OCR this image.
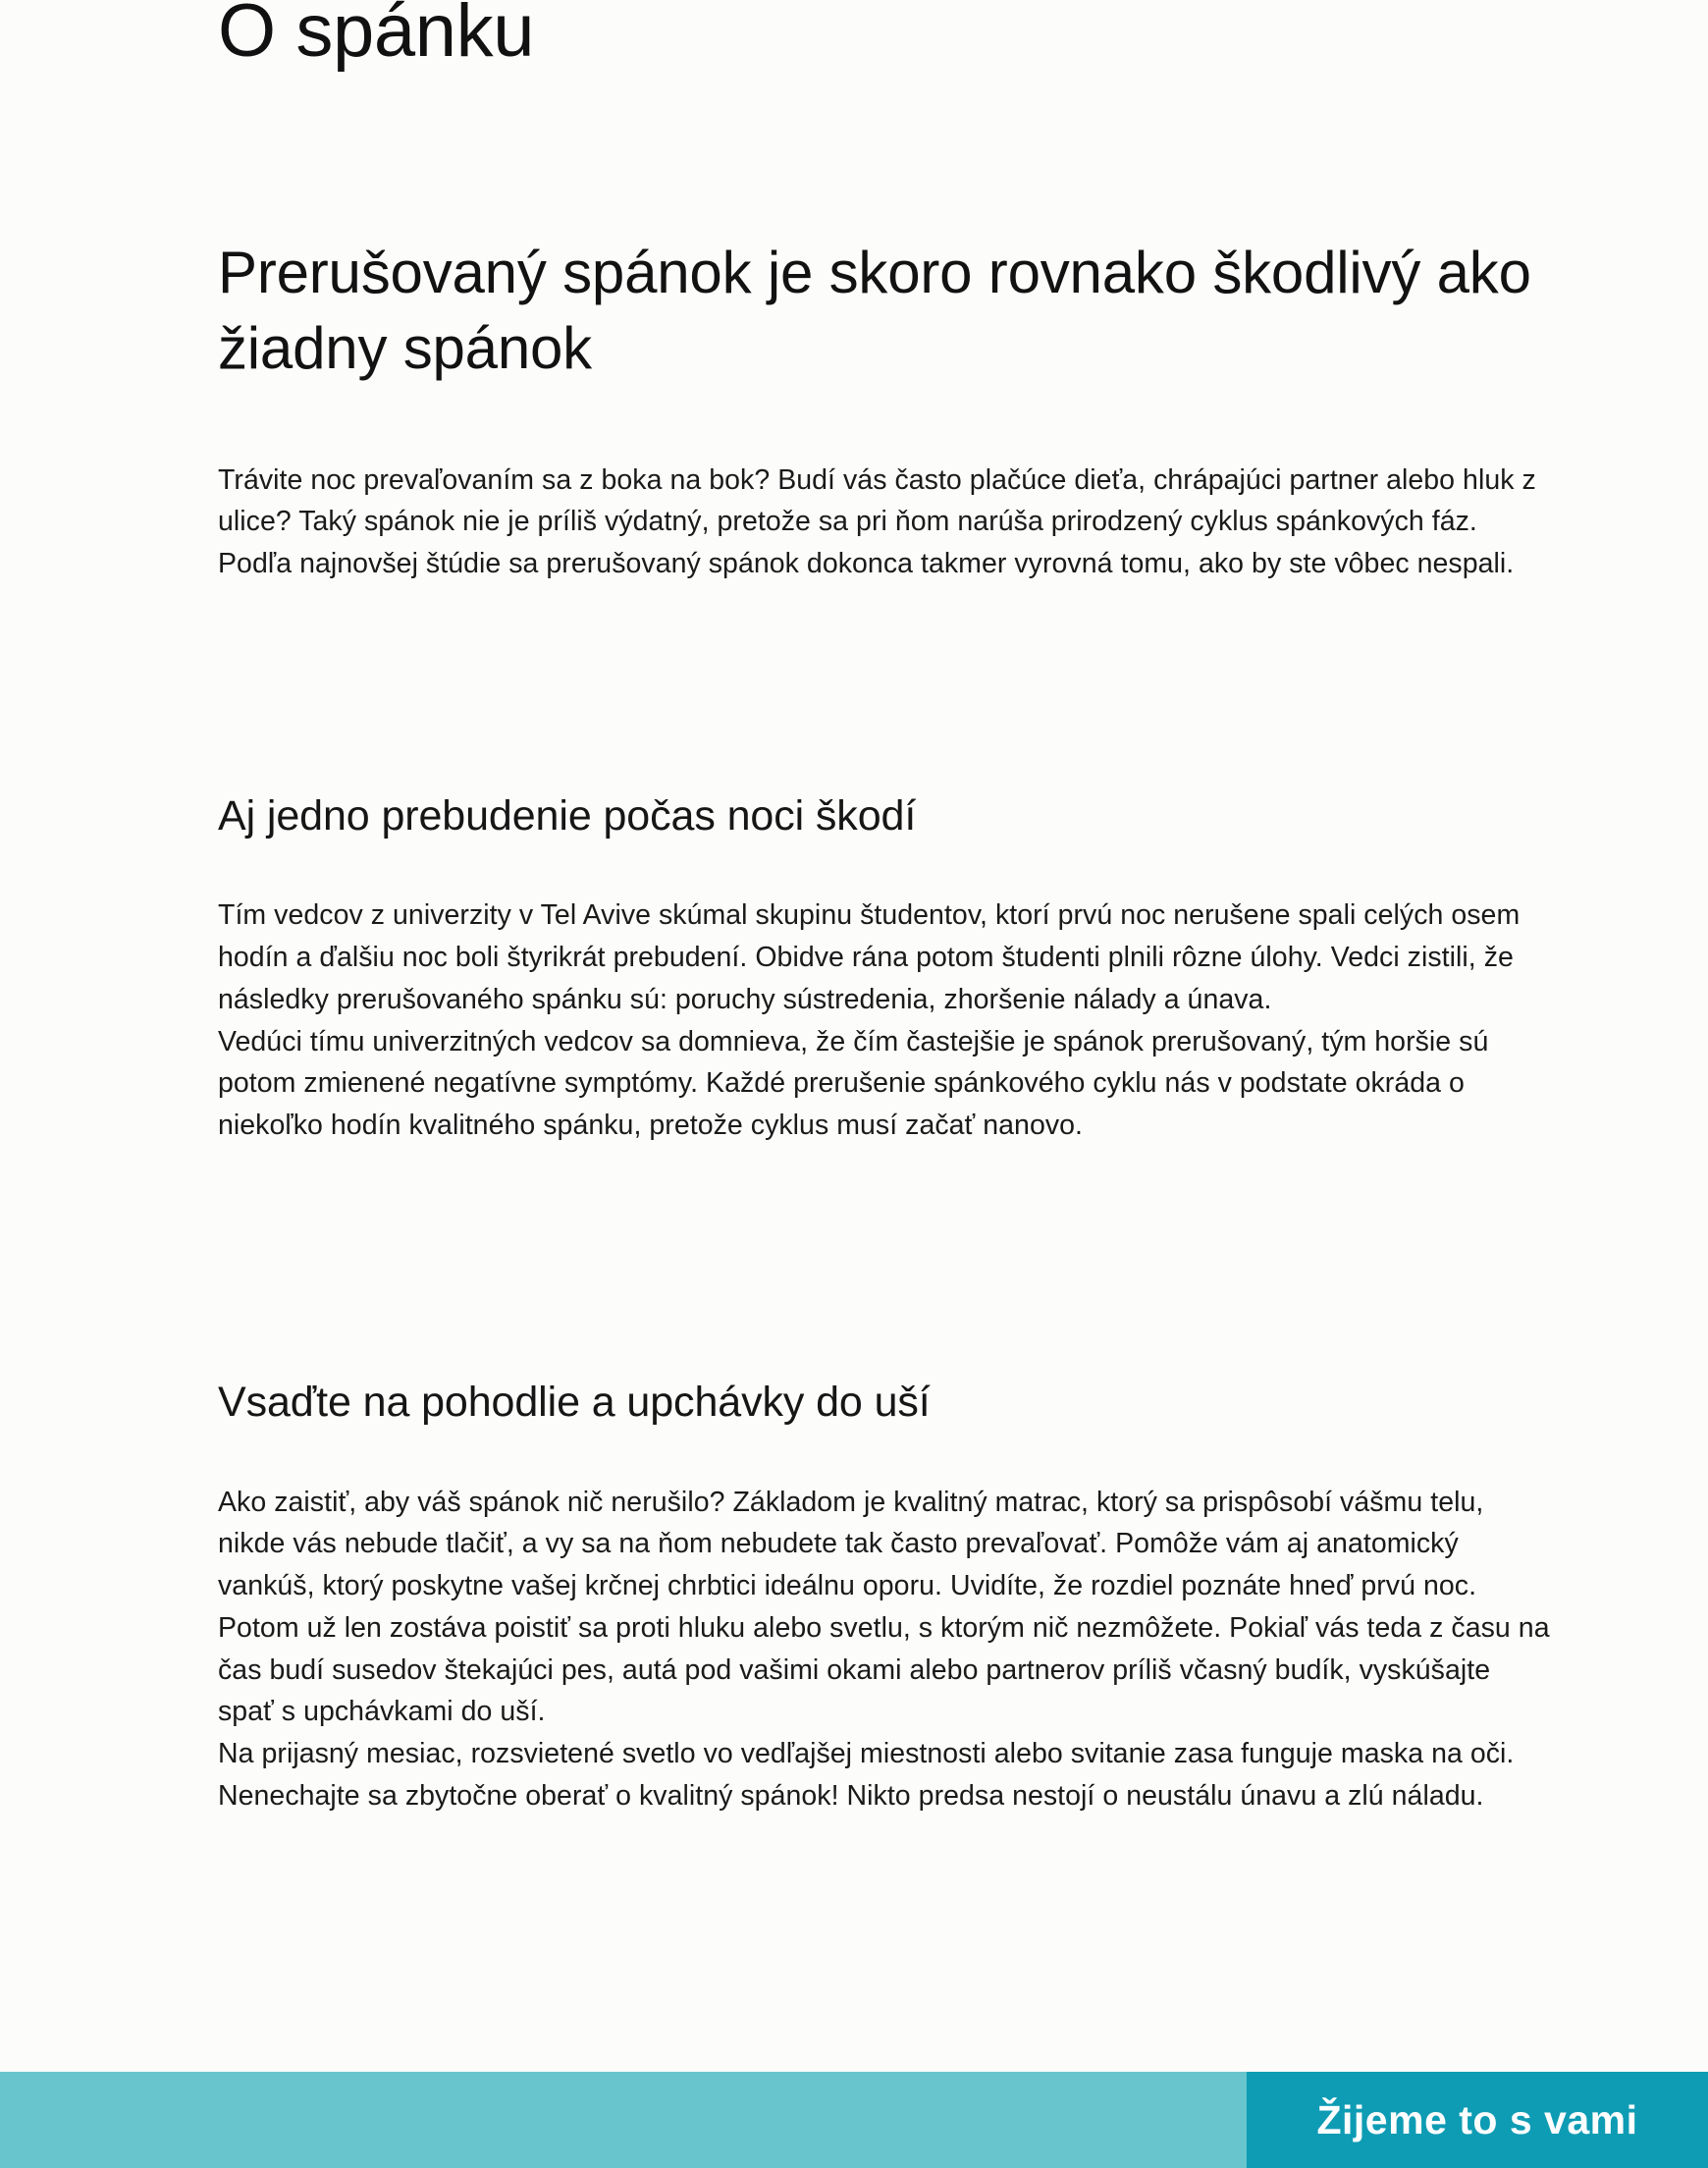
O spánku
Prerušovaný spánok je skoro rovnako škodlivý ako žiadny spánok

Trávite noc prevaľovaním sa z boka na bok? Budí vás často plačúce dieťa, chrápajúci partner alebo hluk z ulice? Taký spánok nie je príliš výdatný, pretože sa pri ňom narúša prirodzený cyklus spánkových fáz. Podľa najnovšej štúdie sa prerušovaný spánok dokonca takmer vyrovná tomu, ako by ste vôbec nespali.

Aj jedno prebudenie počas noci škodí

Tím vedcov z univerzity v Tel Avive skúmal skupinu študentov, ktorí prvú noc nerušene spali celých osem hodín a ďalšiu noc boli štyrikrát prebudení. Obidve rána potom študenti plnili rôzne úlohy. Vedci zistili, že následky prerušovaného spánku sú: poruchy sústredenia, zhoršenie nálady a únava.

Vedúci tímu univerzitných vedcov sa domnieva, že čím častejšie je spánok prerušovaný, tým horšie sú potom zmienené negatívne symptómy. Každé prerušenie spánkového cyklu nás v podstate okráda o niekoľko hodín kvalitného spánku, pretože cyklus musí začať nanovo.

Vsaďte na pohodlie a upchávky do uší

Ako zaistiť, aby váš spánok nič nerušilo? Základom je kvalitný matrac, ktorý sa prispôsobí vášmu telu, nikde vás nebude tlačiť, a vy sa na ňom nebudete tak často prevaľovať. Pomôže vám aj anatomický vankúš, ktorý poskytne vašej krčnej chrbtici ideálnu oporu. Uvidíte, že rozdiel poznáte hneď prvú noc.

Potom už len zostáva poistiť sa proti hluku alebo svetlu, s ktorým nič nezmôžete. Pokiaľ vás teda z času na čas budí susedov štekajúci pes, autá pod vašimi okami alebo partnerov príliš včasný budík, vyskúšajte spať s upchávkami do uší.

Na prijasný mesiac, rozsvietené svetlo vo vedľajšej miestnosti alebo svitanie zasa funguje maska na oči. Nenechajte sa zbytočne oberať o kvalitný spánok! Nikto predsa nestojí o neustálu únavu a zlú náladu.

Žijeme to s vami
